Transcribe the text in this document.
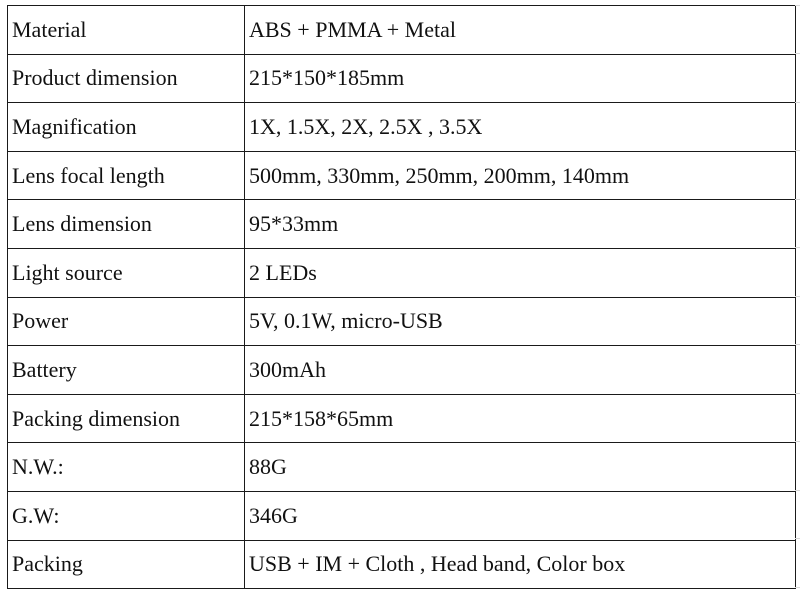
Material	ABS + PMMA + Metal
Product dimension	215*150*185mm
Magnification	1X, 1.5X, 2X, 2.5X , 3.5X
Lens focal length	500mm, 330mm, 250mm, 200mm, 140mm
Lens dimension	95*33mm
Light source	2 LEDs
Power	5V, 0.1W, micro-USB
Battery	300mAh
Packing dimension	215*158*65mm
N.W.:	88G
G.W:	346G
Packing	USB + IM + Cloth , Head band, Color box
